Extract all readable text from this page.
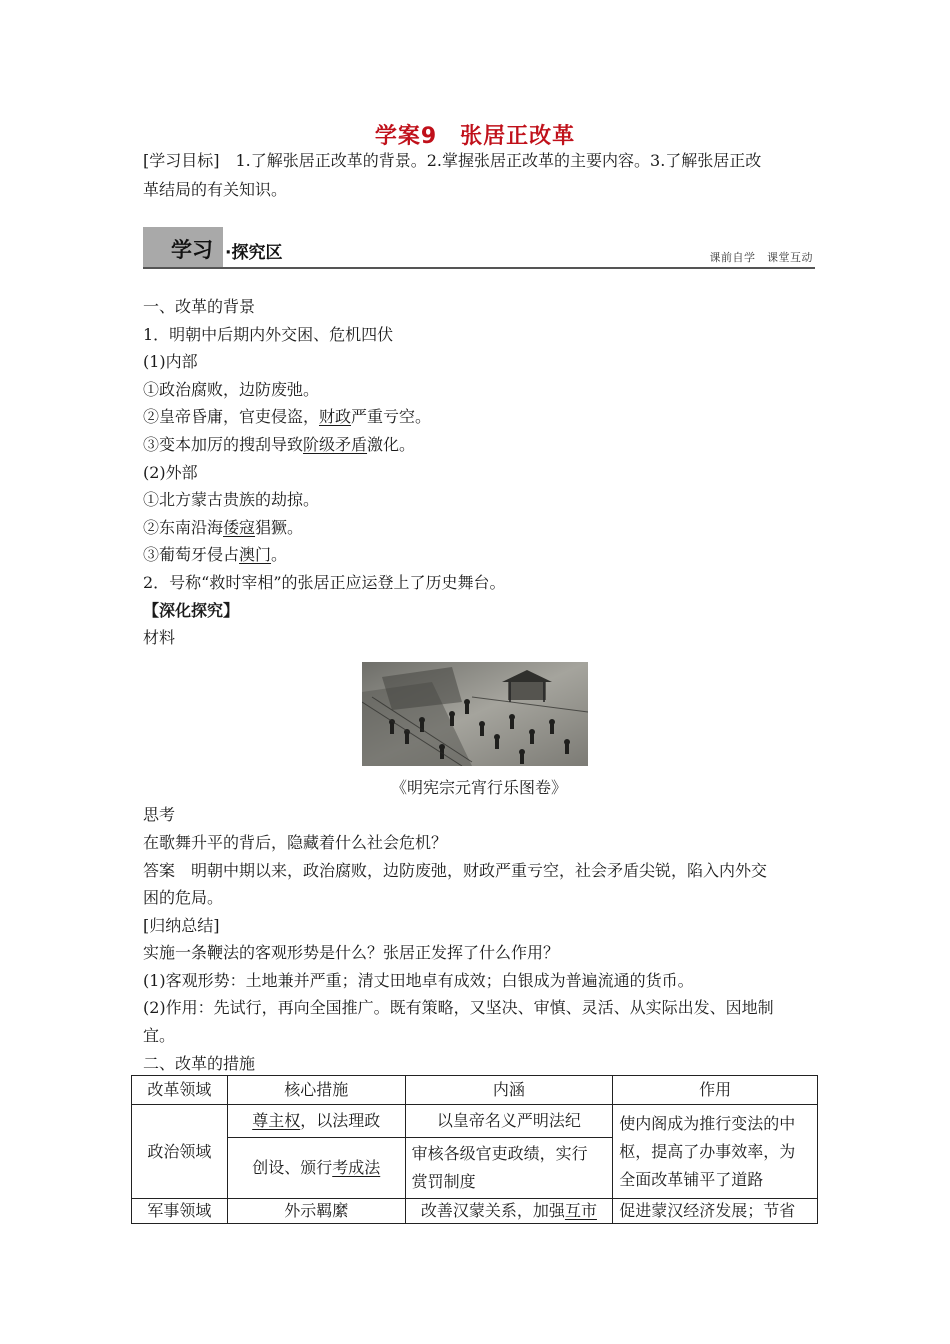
学案9　张居正改革
[学习目标]　1.了解张居正改革的背景。2.掌握张居正改革的主要内容。3.了解张居正改
革结局的有关知识。
学习 ·探究区	课前自学　课堂互动

一、改革的背景

1．明朝中后期内外交困、危机四伏

(1)内部

①政治腐败，边防废弛。

②皇帝昏庸，官吏侵盗，财政严重亏空。

③变本加厉的搜刮导致阶级矛盾激化。

(2)外部

①北方蒙古贵族的劫掠。

②东南沿海倭寇猖獗。

③葡萄牙侵占澳门。

2．号称“救时宰相”的张居正应运登上了历史舞台。

【深化探究】

材料

《明宪宗元宵行乐图卷》

思考

在歌舞升平的背后，隐藏着什么社会危机？

答案　明朝中期以来，政治腐败，边防废弛，财政严重亏空，社会矛盾尖锐，陷入内外交

困的危局。

[归纳总结]

实施一条鞭法的客观形势是什么？张居正发挥了什么作用？

(1)客观形势：土地兼并严重；清丈田地卓有成效；白银成为普遍流通的货币。

(2)作用：先试行，再向全国推广。既有策略，又坚决、审慎、灵活、从实际出发、因地制

宜。

二、改革的措施

改革领域	核心措施	内涵	作用
政治领域	尊主权，以法理政	以皇帝名义严明法纪	使内阁成为推行变法的中
枢，提高了办事效率，为
全面改革铺平了道路

	创设、颁行考成法	审核各级官吏政绩，实行
赏罚制度	

军事领域	外示羁縻	改善汉蒙关系，加强互市	促进蒙汉经济发展；节省
